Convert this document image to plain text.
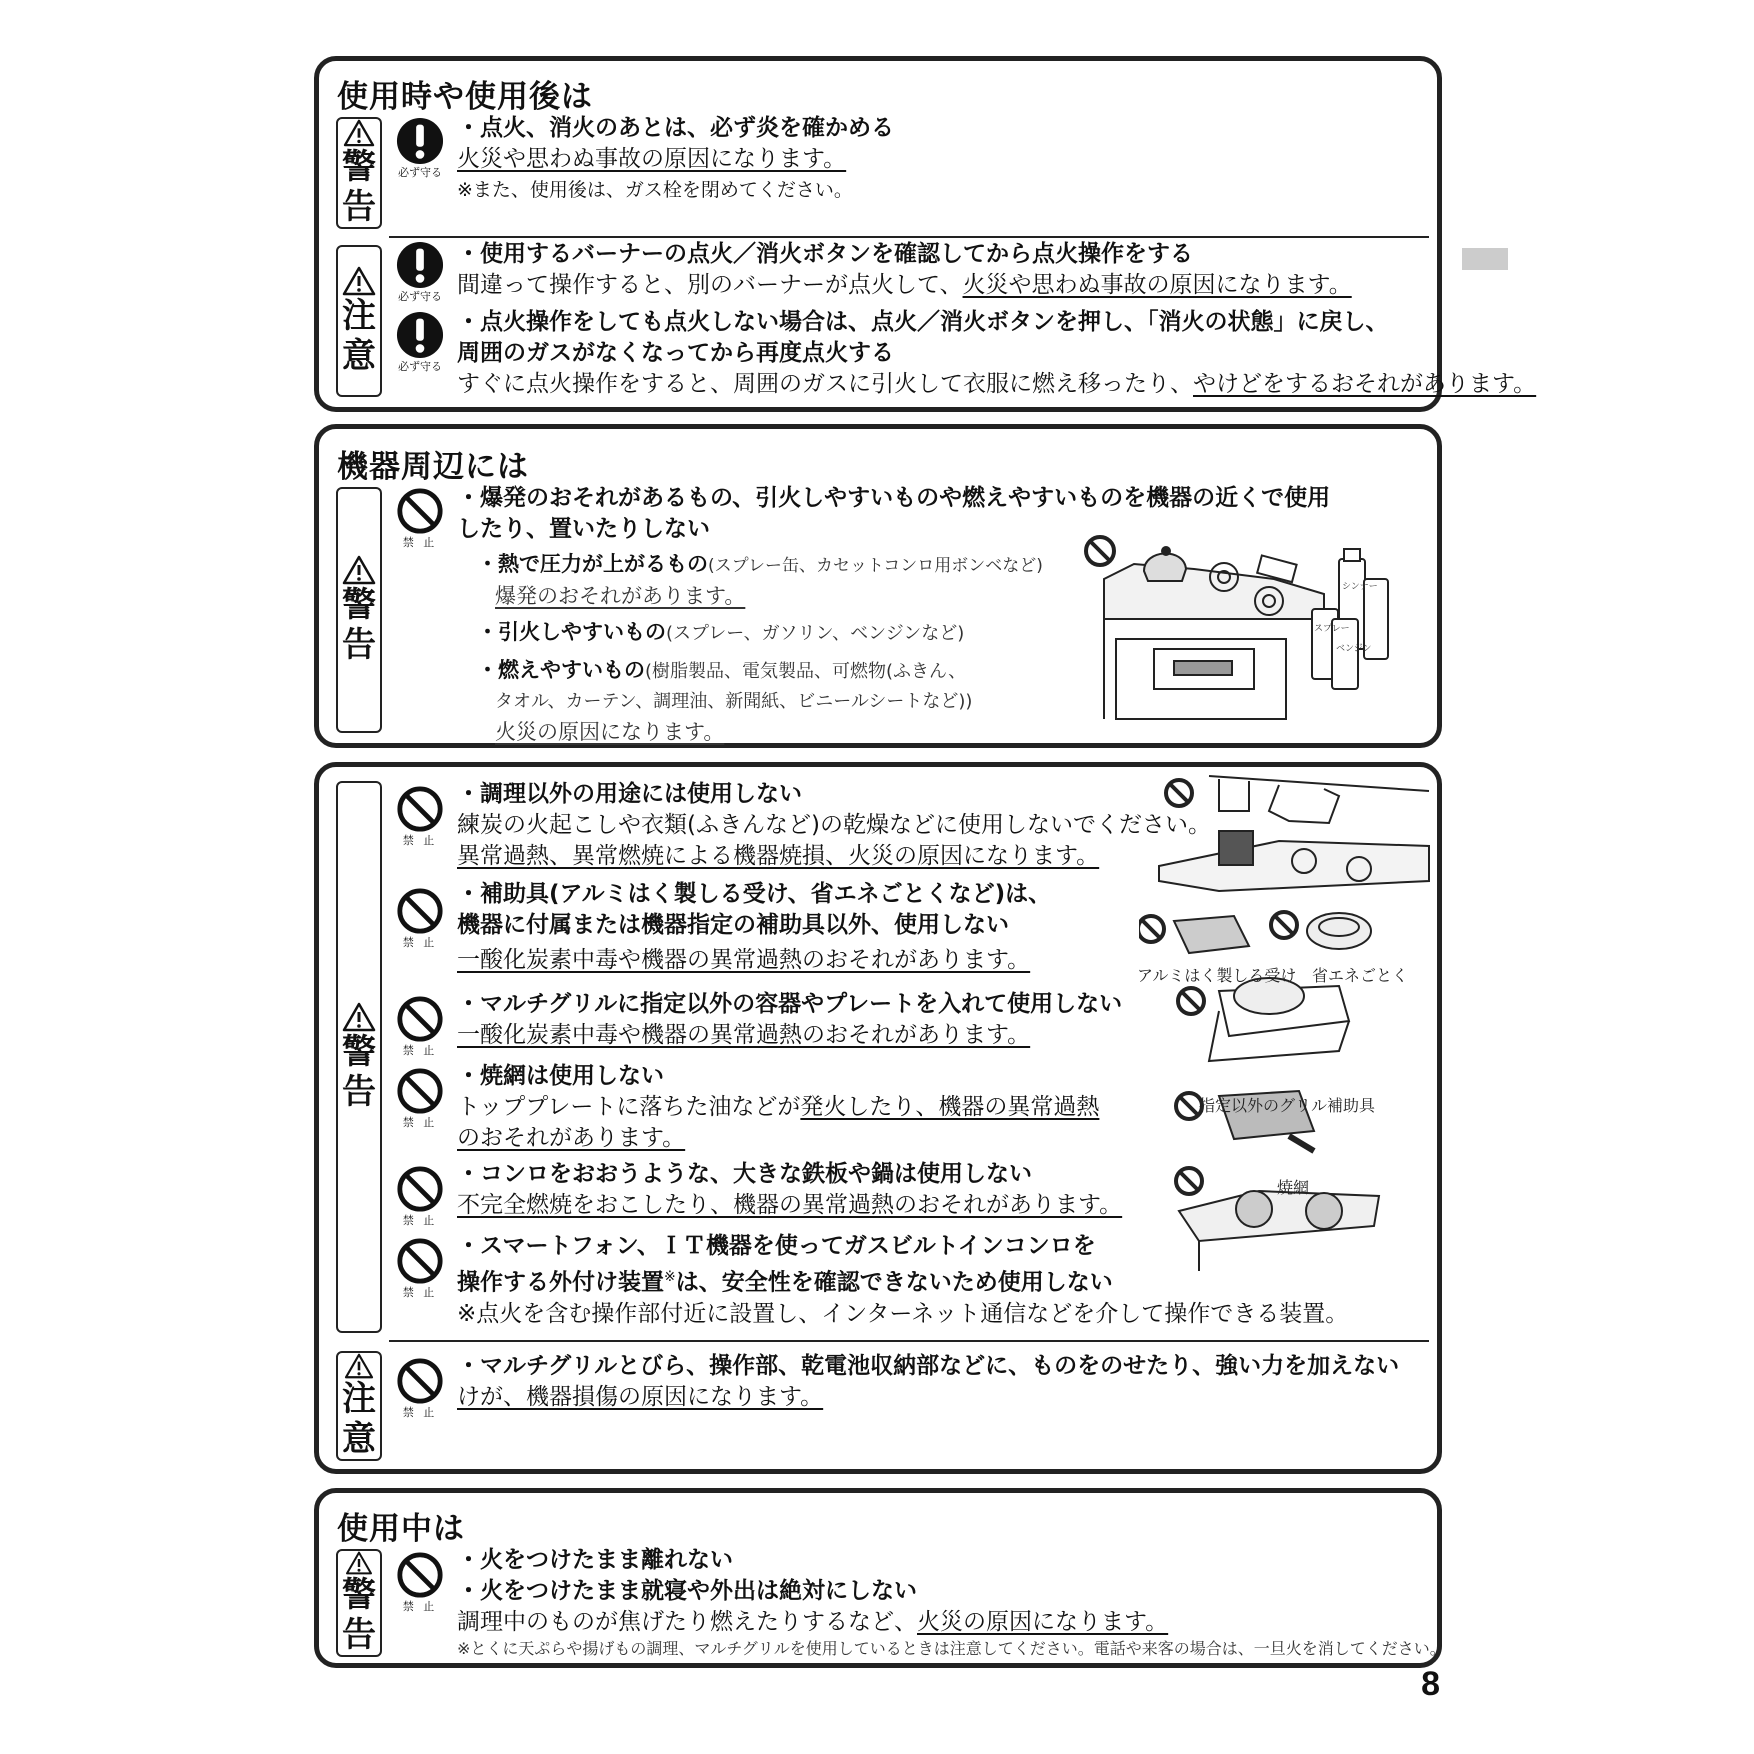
使用時や使用後は
警
告
必ず守る
・点火、消火のあとは、必ず炎を確かめる
火災や思わぬ事故の原因になります。
※また、使用後は、ガス栓を閉めてください。
注
意
必ず守る
・使用するバーナーの点火／消火ボタンを確認してから点火操作をする
間違って操作すると、別のバーナーが点火して、火災や思わぬ事故の原因になります。
必ず守る
・点火操作をしても点火しない場合は、点火／消火ボタンを押し、「消火の状態」に戻し、
周囲のガスがなくなってから再度点火する
すぐに点火操作をすると、周囲のガスに引火して衣服に燃え移ったり、やけどをするおそれがあります。
機器周辺には
警
告
禁 止
・爆発のおそれがあるもの、引火しやすいものや燃えやすいものを機器の近くで使用
したり、置いたりしない
・熱で圧力が上がるもの(スプレー缶、カセットコンロ用ボンベなど)
爆発のおそれがあります。
・引火しやすいもの(スプレー、ガソリン、ベンジンなど)
・燃えやすいもの(樹脂製品、電気製品、可燃物(ふきん、
タオル、カーテン、調理油、新聞紙、ビニールシートなど))
火災の原因になります。
シンナー
ベンジン
スプレー
警
告
禁 止
・調理以外の用途には使用しない
練炭の火起こしや衣類(ふきんなど)の乾燥などに使用しないでください。
異常過熱、異常燃焼による機器焼損、火災の原因になります。
禁 止
・補助具(アルミはく製しる受け、省エネごとくなど)は、
機器に付属または機器指定の補助具以外、使用しない
一酸化炭素中毒や機器の異常過熱のおそれがあります。
禁 止
・マルチグリルに指定以外の容器やプレートを入れて使用しない
一酸化炭素中毒や機器の異常過熱のおそれがあります。
禁 止
・焼網は使用しない
トッププレートに落ちた油などが発火したり、機器の異常過熱
のおそれがあります。
禁 止
・コンロをおおうような、大きな鉄板や鍋は使用しない
不完全燃焼をおこしたり、機器の異常過熱のおそれがあります。
禁 止
・スマートフォン、ＩＴ機器を使ってガスビルトインコンロを
操作する外付け装置※は、安全性を確認できないため使用しない
※点火を含む操作部付近に設置し、インターネット通信などを介して操作できる装置。
注
意
禁 止
・マルチグリルとびら、操作部、乾電池収納部などに、ものをのせたり、強い力を加えない
けが、機器損傷の原因になります。
アルミはく製しる受け 省エネごとく
指定以外のグリル補助具
焼網
使用中は
警
告
禁 止
・火をつけたまま離れない
・火をつけたまま就寝や外出は絶対にしない
調理中のものが焦げたり燃えたりするなど、火災の原因になります。
※とくに天ぷらや揚げもの調理、マルチグリルを使用しているときは注意してください。電話や来客の場合は、一旦火を消してください。
8
